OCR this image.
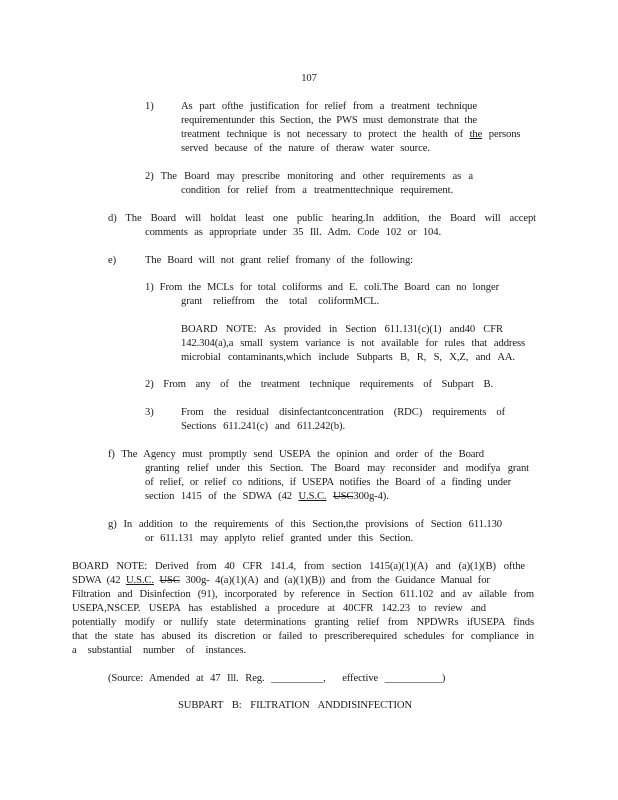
107
1)	As part ofthe justification for relief from a treatment technique
requirementunder this Section, the PWS must demonstrate that the
treatment technique is not necessary to protect the health of the persons
served because of the nature of theraw water source.
2) The Board may prescribe monitoring and other requirements as a
condition for relief from a treatmenttechnique requirement.
d) The Board will holdat least one public hearing.In addition, the Board will accept
comments as appropriate under 35 Ill. Adm. Code 102 or 104.
e)	The Board will not grant relief fromany of the following:
1) From the MCLs for total coliforms and E. coli.The Board can no longer
grant relieffrom the total coliformMCL.
BOARD NOTE: As provided in Section 611.131(c)(1) and40 CFR
142.304(a),a small system variance is not available for rules that address
microbial contaminants,which include Subparts B, R, S, X,Z, and AA.
2) From any of the treatment technique requirements of Subpart B.
3)	From the residual disinfectantconcentration (RDC) requirements of
Sections 611.241(c) and 611.242(b).
f) The Agency must promptly send USEPA the opinion and order of the Board
granting relief under this Section. The Board may reconsider and modifya grant
of relief, or relief co nditions, if USEPA notifies the Board of a finding under
section 1415 of the SDWA (42 U.S.C. USC300g-4).
g) In addition to the requirements of this Section,the provisions of Section 611.130
or 611.131 may applyto relief granted under this Section.
BOARD NOTE: Derived from 40 CFR 141.4, from section 1415(a)(1)(A) and (a)(1)(B) ofthe
SDWA (42 U.S.C. USC 300g- 4(a)(1)(A) and (a)(1)(B)) and from the Guidance Manual for
Filtration and Disinfection (91), incorporated by reference in Section 611.102 and av ailable from
USEPA,NSCEP. USEPA has established a procedure at 40CFR 142.23 to review and
potentially modify or nullify state determinations granting relief from NPDWRs ifUSEPA finds
that the state has abused its discretion or failed to prescriberequired schedules for compliance in
a substantial number of instances.
(Source: Amended at 47 Ill. Reg. __________, effective ___________)
SUBPART B: FILTRATION ANDDISINFECTION
